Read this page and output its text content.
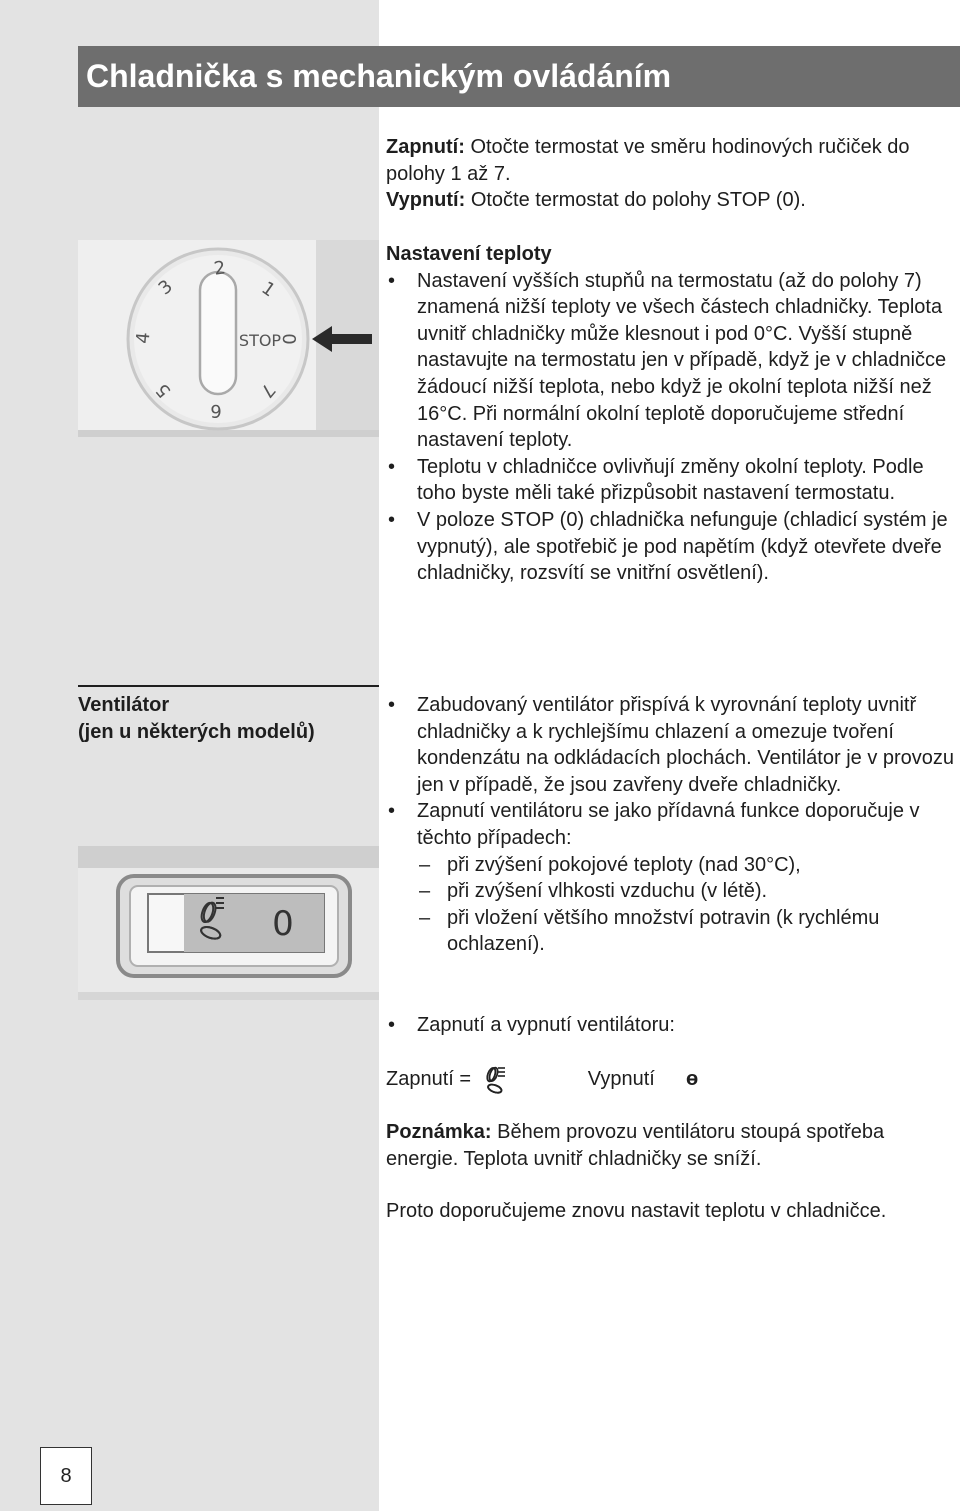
Chladnička s mechanickým ovládáním

Zapnutí: Otočte termostat ve směru hodinových ručiček do polohy 1 až 7.

Vypnutí: Otočte termostat do polohy STOP (0).

2
1
3
4
5
6
7
STOP
0

Nastavení teploty

• Nastavení vyšších stupňů na termostatu (až do polohy 7) znamená nižší teploty ve všech částech chladničky. Teplota uvnitř chladničky může klesnout i pod 0°C. Vyšší stupně nastavujte na termostatu jen v případě, když je v chladničce žádoucí nižší teplota, nebo když je okolní teplota nižší než 16°C. Při normální okolní teplotě doporučujeme střední nastavení teploty.
• Teplotu v chladničce ovlivňují změny okolní teploty. Podle toho byste měli také přizpůsobit nastavení termostatu.
• V poloze STOP (0) chladnička nefunguje (chladicí systém je vypnutý), ale spotřebič je pod napětím (když otevřete dveře chladničky, rozsvítí se vnitřní osvětlení).
Ventilátor
(jen u některých modelů)
0
• Zabudovaný ventilátor přispívá k vyrovnání teploty uvnitř chladničky a k rychlejšímu chlazení a omezuje tvoření kondenzátu na odkládacích plochách. Ventilátor je v provozu jen v případě, že jsou zavřeny dveře chladničky.
• Zapnutí ventilátoru se jako přídavná funkce doporučuje v těchto případech:
– při zvýšení pokojové teploty (nad 30°C),
– při zvýšení vlhkosti vzduchu (v létě).
– při vložení většího množství potravin (k rychlému ochlazení).
• Zapnutí a vypnutí ventilátoru:
Zapnutí =	Vypnutí ө

Poznámka: Během provozu ventilátoru stoupá spotřeba energie. Teplota uvnitř chladničky se sníží.

Proto doporučujeme znovu nastavit teplotu v chladničce.

8
